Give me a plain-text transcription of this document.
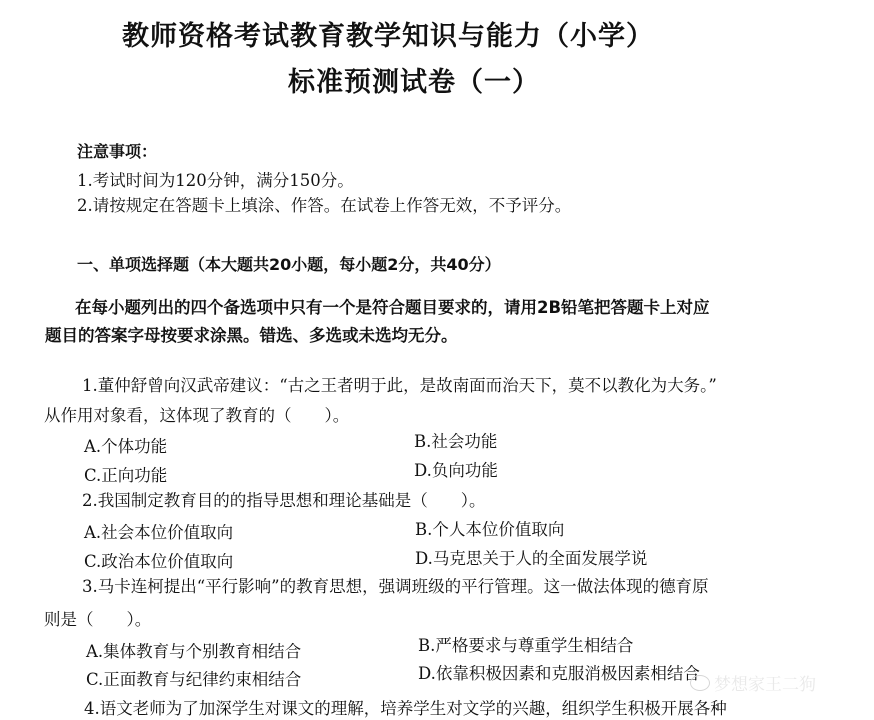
教师资格考试教育教学知识与能力（小学）
标准预测试卷（一）
注意事项：
1.考试时间为120分钟，满分150分。
2.请按规定在答题卡上填涂、作答。在试卷上作答无效，不予评分。
一、单项选择题（本大题共20小题，每小题2分，共40分）
在每小题列出的四个备选项中只有一个是符合题目要求的，请用2B铅笔把答题卡上对应
题目的答案字母按要求涂黑。错选、多选或未选均无分。
1.董仲舒曾向汉武帝建议：“古之王者明于此，是故南面而治天下，莫不以教化为大务。”
从作用对象看，这体现了教育的（　　）。
A.个体功能	B.社会功能
C.正向功能	D.负向功能
2.我国制定教育目的的指导思想和理论基础是（　　）。
A.社会本位价值取向	B.个人本位价值取向
C.政治本位价值取向	D.马克思关于人的全面发展学说
3.马卡连柯提出“平行影响”的教育思想，强调班级的平行管理。这一做法体现的德育原
则是（　　）。
A.集体教育与个别教育相结合	B.严格要求与尊重学生相结合
C.正面教育与纪律约束相结合	D.依靠积极因素和克服消极因素相结合
4.语文老师为了加深学生对课文的理解，培养学生对文学的兴趣，组织学生积极开展各种
梦想家王二狗
